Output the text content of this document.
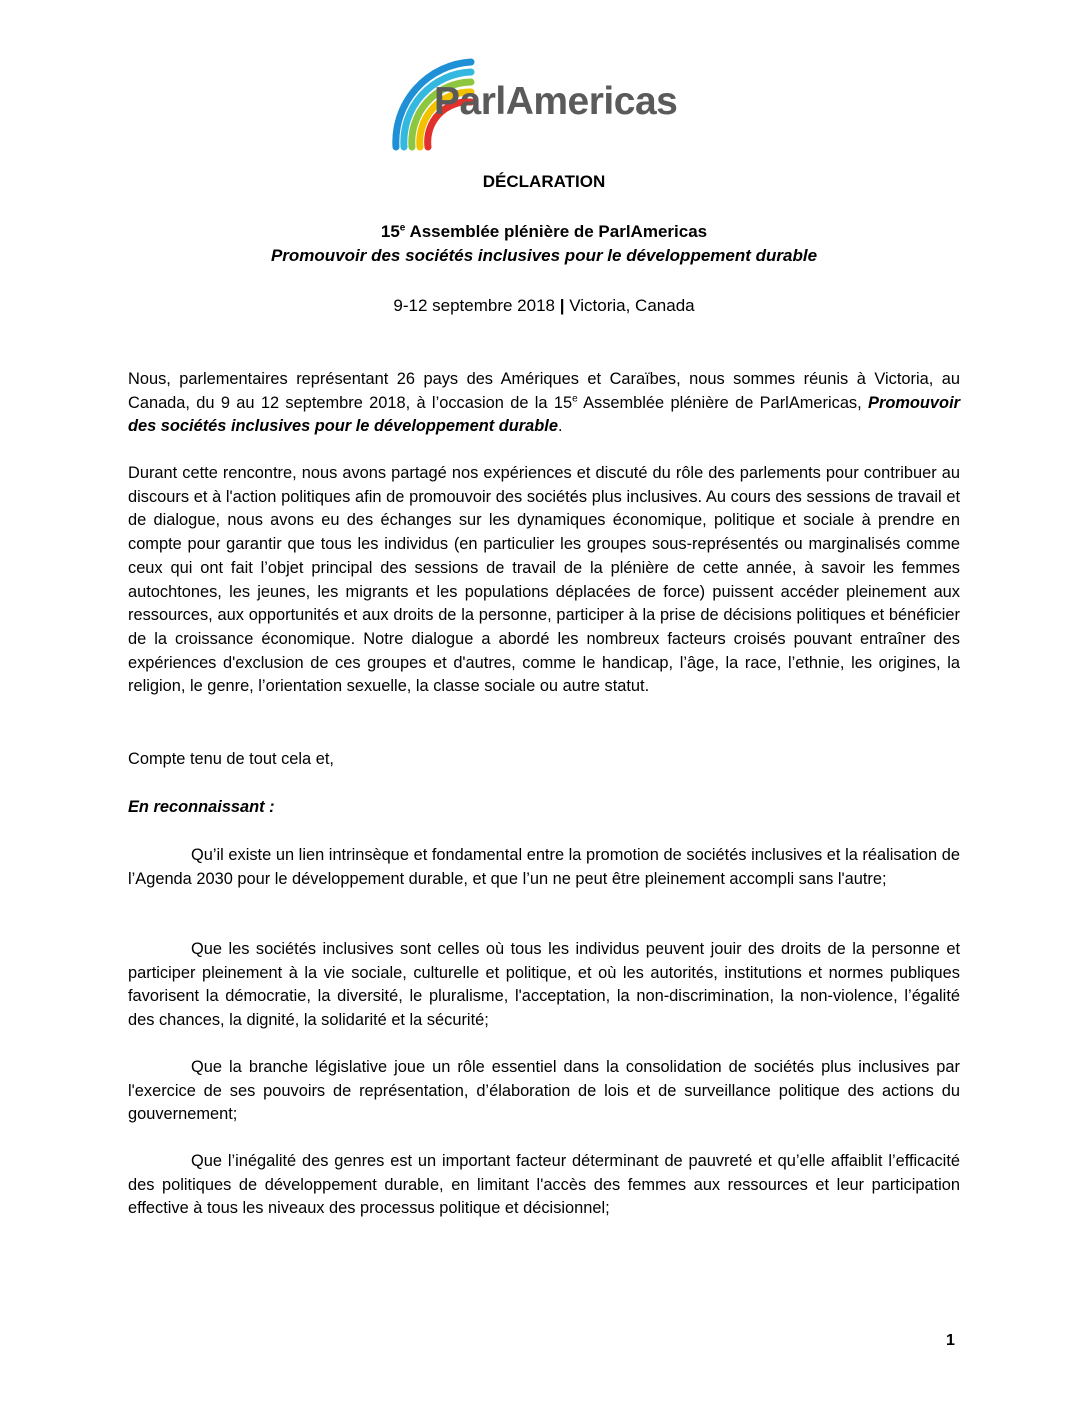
ParlAmericas
DÉCLARATION
15e Assemblée plénière de ParlAmericas
Promouvoir des sociétés inclusives pour le développement durable
9-12 septembre 2018 | Victoria, Canada

Nous, parlementaires représentant 26 pays des Amériques et Caraïbes, nous sommes réunis à Victoria, au Canada, du 9 au 12 septembre 2018, à l’occasion de la 15e Assemblée plénière de ParlAmericas, Promouvoir des sociétés inclusives pour le développement durable.

Durant cette rencontre, nous avons partagé nos expériences et discuté du rôle des parlements pour contribuer au discours et à l'action politiques afin de promouvoir des sociétés plus inclusives. Au cours des sessions de travail et de dialogue, nous avons eu des échanges sur les dynamiques économique, politique et sociale à prendre en compte pour garantir que tous les individus (en particulier les groupes sous-représentés ou marginalisés comme ceux qui ont fait l’objet principal des sessions de travail de la plénière de cette année, à savoir les femmes autochtones, les jeunes, les migrants et les populations déplacées de force) puissent accéder pleinement aux ressources, aux opportunités et aux droits de la personne, participer à la prise de décisions politiques et bénéficier de la croissance économique. Notre dialogue a abordé les nombreux facteurs croisés pouvant entraîner des expériences d'exclusion de ces groupes et d'autres, comme le handicap, l’âge, la race, l’ethnie, les origines, la religion, le genre, l’orientation sexuelle, la classe sociale ou autre statut.

Compte tenu de tout cela et,

En reconnaissant :

Qu’il existe un lien intrinsèque et fondamental entre la promotion de sociétés inclusives et la réalisation de l’Agenda 2030 pour le développement durable, et que l’un ne peut être pleinement accompli sans l'autre;

Que les sociétés inclusives sont celles où tous les individus peuvent jouir des droits de la personne et participer pleinement à la vie sociale, culturelle et politique, et où les autorités, institutions et normes publiques favorisent la démocratie, la diversité, le pluralisme, l'acceptation, la non-discrimination, la non-violence, l’égalité des chances, la dignité, la solidarité et la sécurité;

Que la branche législative joue un rôle essentiel dans la consolidation de sociétés plus inclusives par l'exercice de ses pouvoirs de représentation, d’élaboration de lois et de surveillance politique des actions du gouvernement;

Que l’inégalité des genres est un important facteur déterminant de pauvreté et qu’elle affaiblit l’efficacité des politiques de développement durable, en limitant l'accès des femmes aux ressources et leur participation effective à tous les niveaux des processus politique et décisionnel;

1
